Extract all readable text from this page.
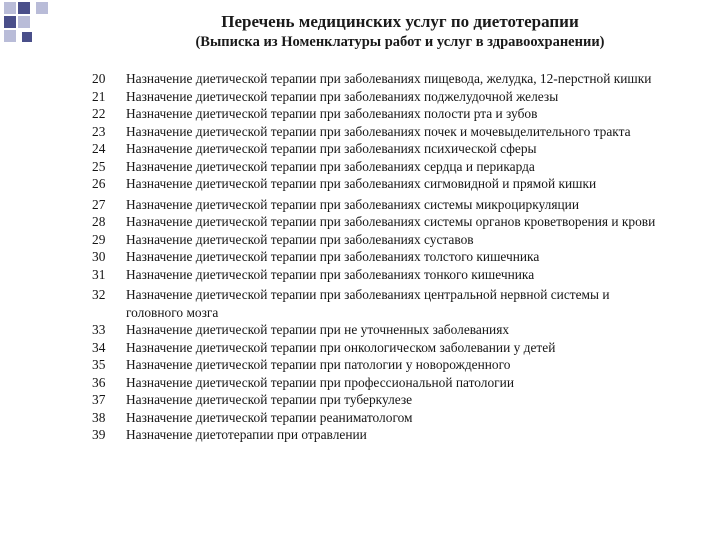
Перечень медицинских услуг по диетотерапии
(Выписка из Номенклатуры работ и услуг в здравоохранении)
20	Назначение диетической терапии при заболеваниях пищевода, желудка, 12-перстной кишки
21	Назначение диетической терапии при заболеваниях поджелудочной железы
22	Назначение диетической терапии при заболеваниях полости рта и зубов
23	Назначение диетической терапии при заболеваниях почек и мочевыделительного тракта
24	Назначение диетической терапии при заболеваниях психической сферы
25	Назначение диетической терапии при заболеваниях сердца и перикарда
26	Назначение диетической терапии при заболеваниях сигмовидной и прямой кишки
27	Назначение диетической терапии при заболеваниях системы микроциркуляции
28	Назначение диетической терапии при заболеваниях системы органов кроветворения и крови
29	Назначение диетической терапии при заболеваниях суставов
30	Назначение диетической терапии при заболеваниях толстого кишечника
31	Назначение диетической терапии при заболеваниях тонкого кишечника
32	Назначение диетической терапии при заболеваниях центральной нервной системы и головного мозга
33	Назначение диетической терапии при не уточненных заболеваниях
34	Назначение диетической терапии при онкологическом заболевании у детей
35	Назначение диетической терапии при патологии у новорожденного
36	Назначение диетической терапии при профессиональной патологии
37	Назначение диетической терапии при туберкулезе
38	Назначение диетической терапии реаниматологом
39	Назначение диетотерапии при отравлении
